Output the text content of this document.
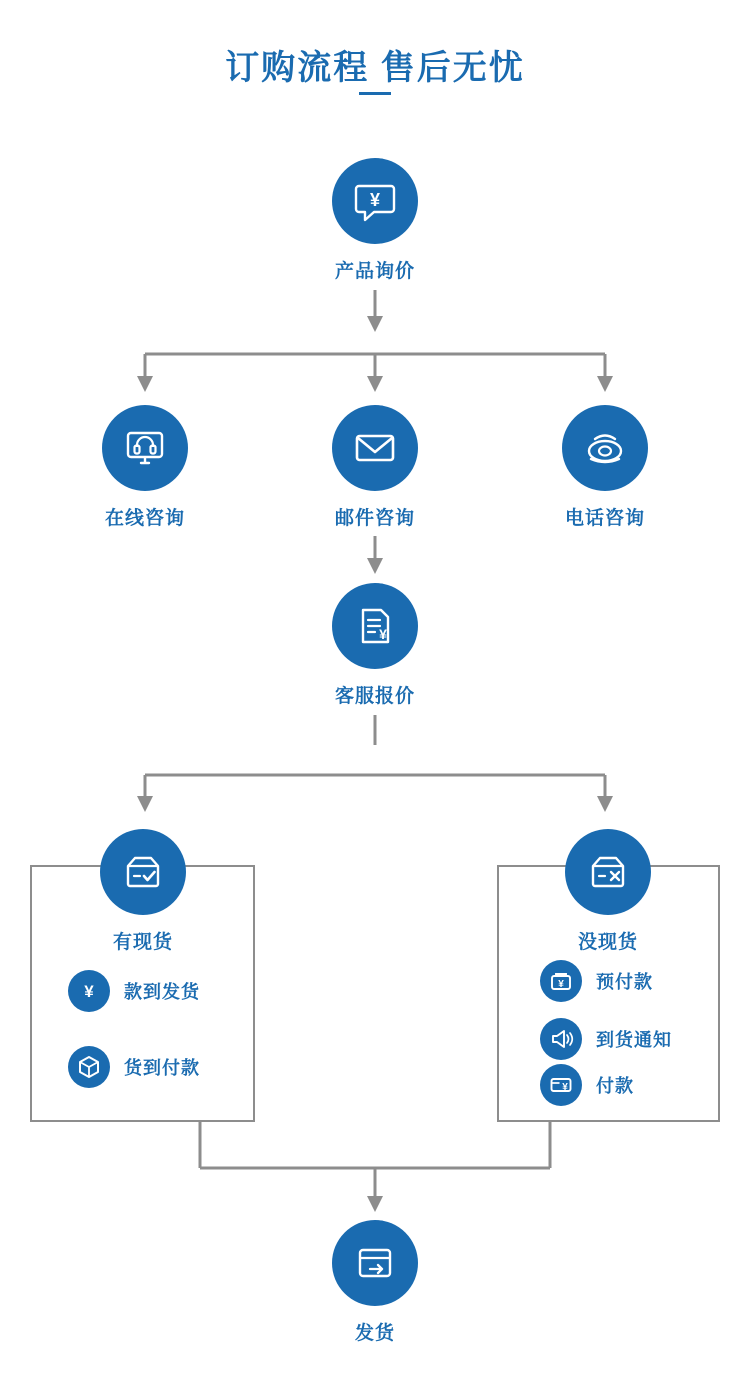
订购流程 售后无忧
¥
产品询价
在线咨询	邮件咨询	电话咨询
¥
客服报价
有现货
¥ 款到发货
货到付款
没现货
¥ 预付款
到货通知
¥ 付款
发货
